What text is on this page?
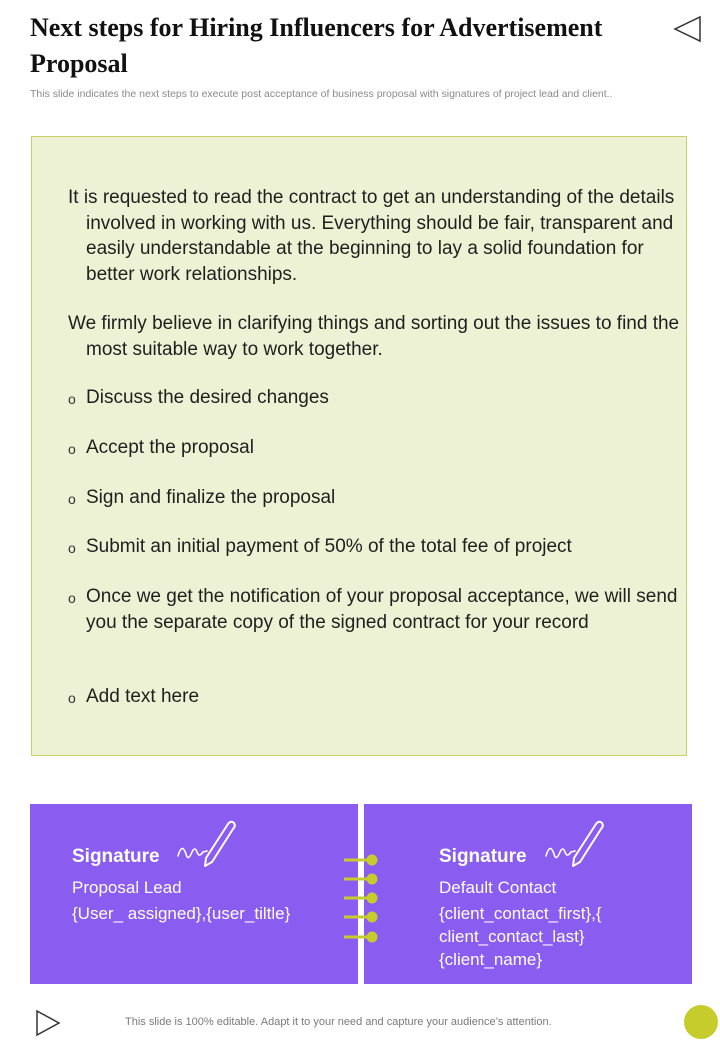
Next steps for Hiring Influencers for Advertisement Proposal
This slide indicates the next steps to execute post acceptance of business proposal with signatures of project lead and client..

It is requested to read the contract to get an understanding of the details involved in working with us. Everything should be fair, transparent and easily understandable at the beginning to lay a solid foundation for better work relationships.

We firmly believe in clarifying things and sorting out the issues to find the most suitable way to work together.

o Discuss the desired changes

o Accept the proposal

o Sign and finalize the proposal

o Submit an initial payment of 50% of the total fee of project

o Once we get the notification of your proposal acceptance, we will send you the separate copy of the signed contract for your record

o Add text here

Signature
Proposal Lead
{User_ assigned},{user_tiltle}
Signature
Default Contact
{client_contact_first},{ client_contact_last} {client_name}
This slide is 100% editable. Adapt it to your need and capture your audience’s attention.
